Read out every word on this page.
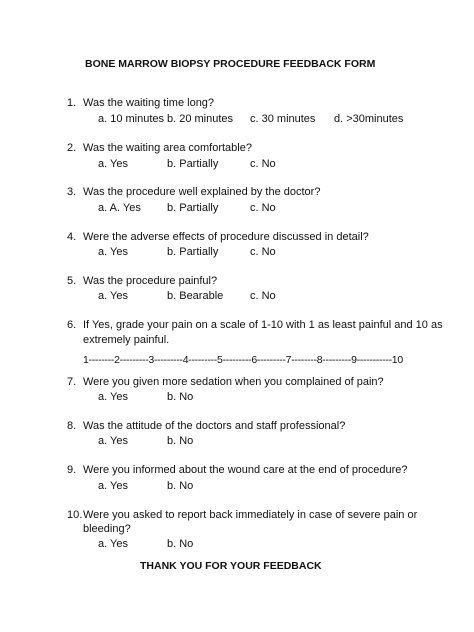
BONE MARROW BIOPSY PROCEDURE FEEDBACK FORM
1. Was the waiting time long?
a. 10 minutes b. 20 minutes c. 30 minutes d. >30minutes
2. Was the waiting area comfortable?
a. Yes	b. Partially	c. No
3. Was the procedure well explained by the doctor?
a. A. Yes b. Partially	c. No
4. Were the adverse effects of procedure discussed in detail?
a. Yes	b. Partially	c. No
5. Was the procedure painful?
a. Yes	b. Bearable c. No
6. If Yes, grade your pain on a scale of 1-10 with 1 as least painful and 10 as
extremely painful.
1--------2---------3---------4---------5---------6---------7--------8---------9-----------10
7. Were you given more sedation when you complained of pain?
a. Yes	b. No
8. Was the attitude of the doctors and staff professional?
a. Yes	b. No
9. Were you informed about the wound care at the end of procedure?
a. Yes	b. No
10.Were you asked to report back immediately in case of severe pain or
bleeding?
a. Yes	b. No
THANK YOU FOR YOUR FEEDBACK
